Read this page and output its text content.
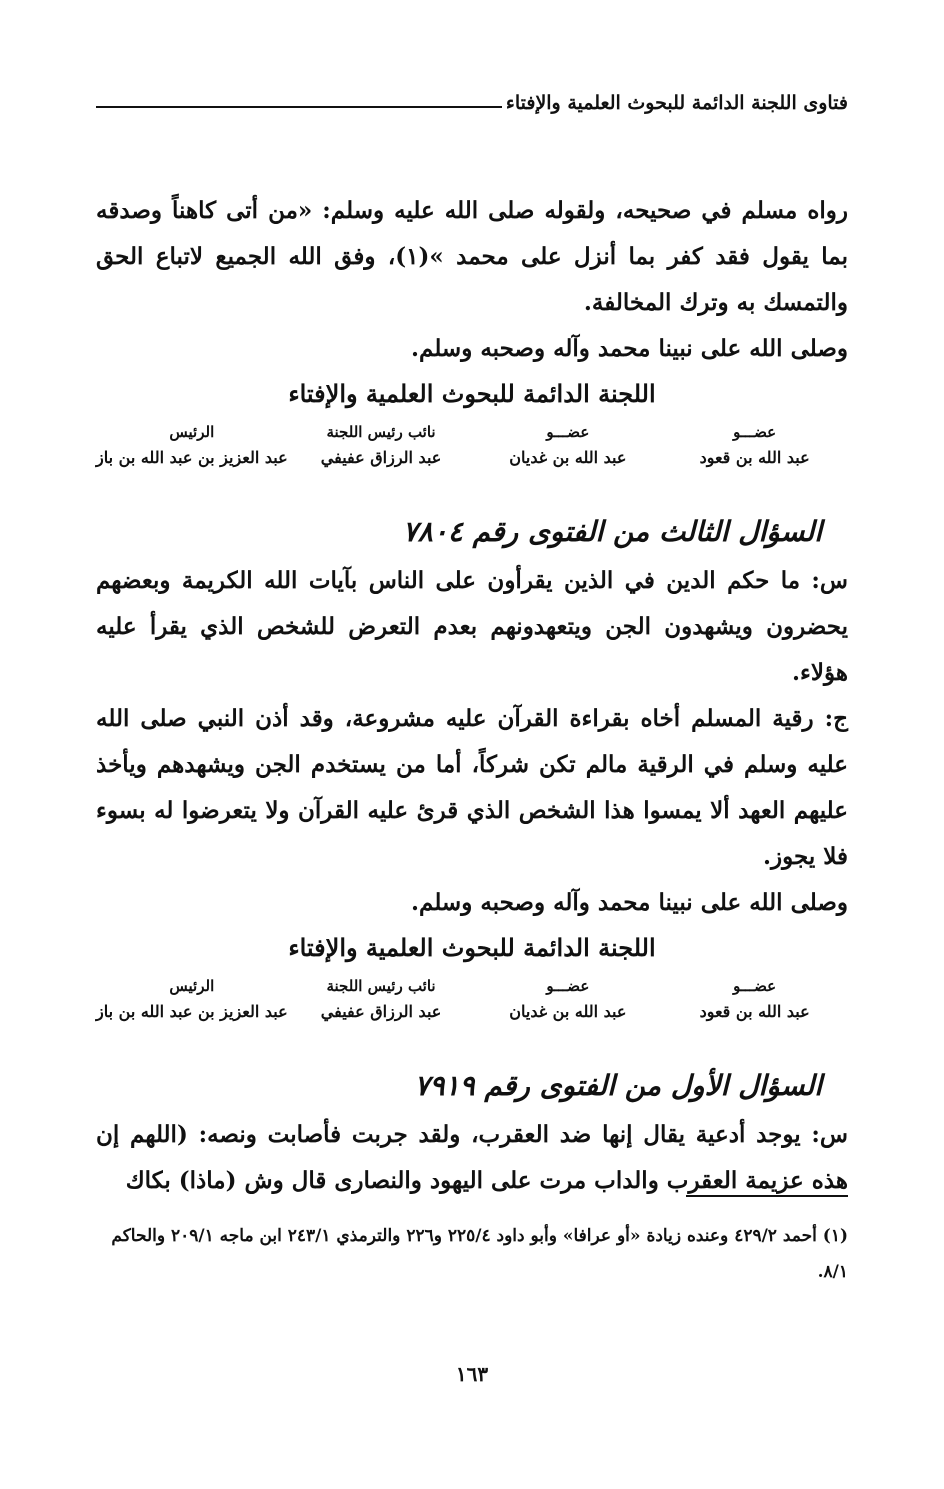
فتاوى اللجنة الدائمة للبحوث العلمية والإفتاء

رواه مسلم في صحيحه، ولقوله صلى الله عليه وسلم: «من أتى كاهناً وصدقه بما يقول فقد كفر بما أنزل على محمد »(١)، وفق الله الجميع لاتباع الحق والتمسك به وترك المخالفة.

وصلى الله على نبينا محمد وآله وصحبه وسلم.

اللجنة الدائمة للبحوث العلمية والإفتاء

عضـــو
عبد الله بن قعود
عضـــو
عبد الله بن غديان
نائب رئيس اللجنة
عبد الرزاق عفيفي
الرئيس
عبد العزيز بن عبد الله بن باز

السؤال الثالث من الفتوى رقم ٧٨٠٤

س: ما حكم الدين في الذين يقرأون على الناس بآيات الله الكريمة وبعضهم يحضرون ويشهدون الجن ويتعهدونهم بعدم التعرض للشخص الذي يقرأ عليه هؤلاء.

ج: رقية المسلم أخاه بقراءة القرآن عليه مشروعة، وقد أذن النبي صلى الله عليه وسلم في الرقية مالم تكن شركاً، أما من يستخدم الجن ويشهدهم ويأخذ عليهم العهد ألا يمسوا هذا الشخص الذي قرئ عليه القرآن ولا يتعرضوا له بسوء فلا يجوز.

وصلى الله على نبينا محمد وآله وصحبه وسلم.

اللجنة الدائمة للبحوث العلمية والإفتاء

عضـــو
عبد الله بن قعود
عضـــو
عبد الله بن غديان
نائب رئيس اللجنة
عبد الرزاق عفيفي
الرئيس
عبد العزيز بن عبد الله بن باز

السؤال الأول من الفتوى رقم ٧٩١٩

س: يوجد أدعية يقال إنها ضد العقرب، ولقد جربت فأصابت ونصه: (اللهم إن هذه عزيمة العقرب والداب مرت على اليهود والنصارى قال وش (ماذا) بكاك

(١) أحمد ٤٢٩/٢ وعنده زيادة «أو عرافا» وأبو داود ٢٢٥/٤ و٢٢٦ والترمذي ٢٤٣/١ ابن ماجه ٢٠٩/١ والحاكم ٨/١.
١٦٣
